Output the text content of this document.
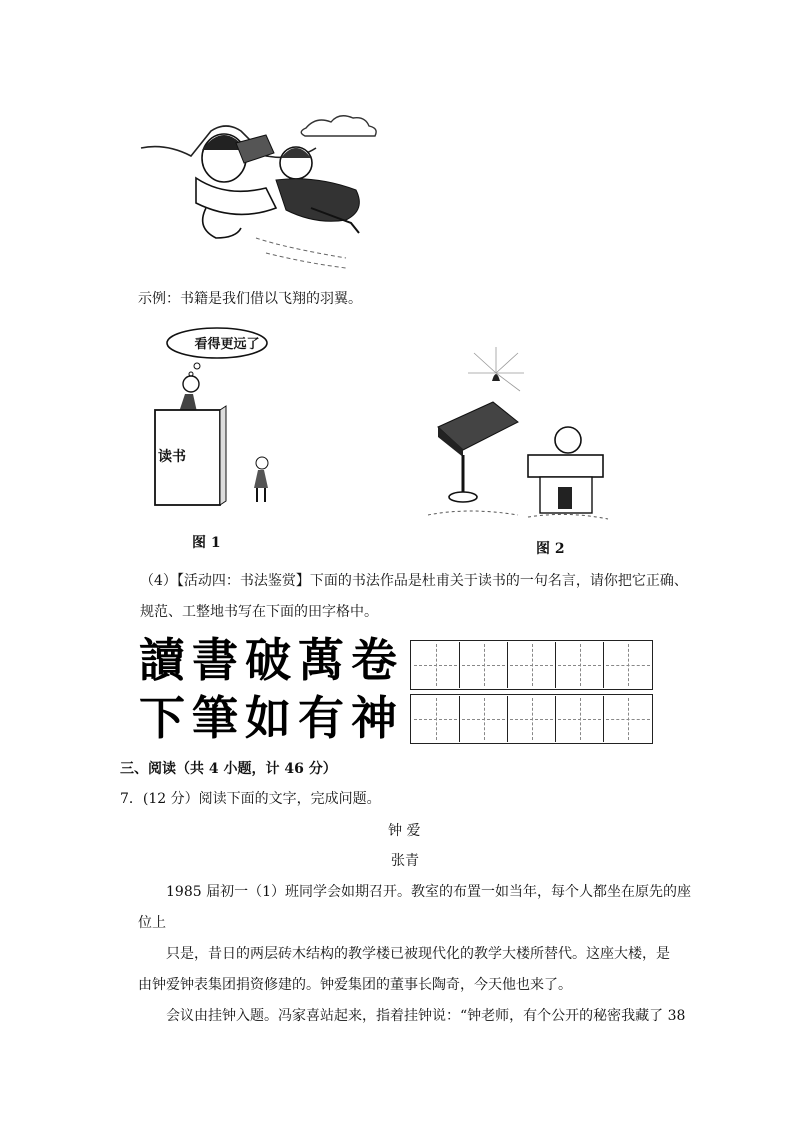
示例：书籍是我们借以飞翔的羽翼。
看得更远了
读书
图 1
书
图 2
（4）【活动四：书法鉴赏】下面的书法作品是杜甫关于读书的一句名言，请你把它正确、
规范、工整地书写在下面的田字格中。
讀 書 破 萬 卷
下 筆 如 有 神
三、阅读（共 4 小题，计 46 分）
7．(12 分）阅读下面的文字，完成问题。
钟 爱
张青
1985 届初一（1）班同学会如期召开。教室的布置一如当年，每个人都坐在原先的座
位上
只是，昔日的两层砖木结构的教学楼已被现代化的教学大楼所替代。这座大楼，是
由钟爱钟表集团捐资修建的。钟爱集团的董事长陶奇，今天他也来了。
会议由挂钟入题。冯家喜站起来，指着挂钟说：“钟老师，有个公开的秘密我藏了 38
